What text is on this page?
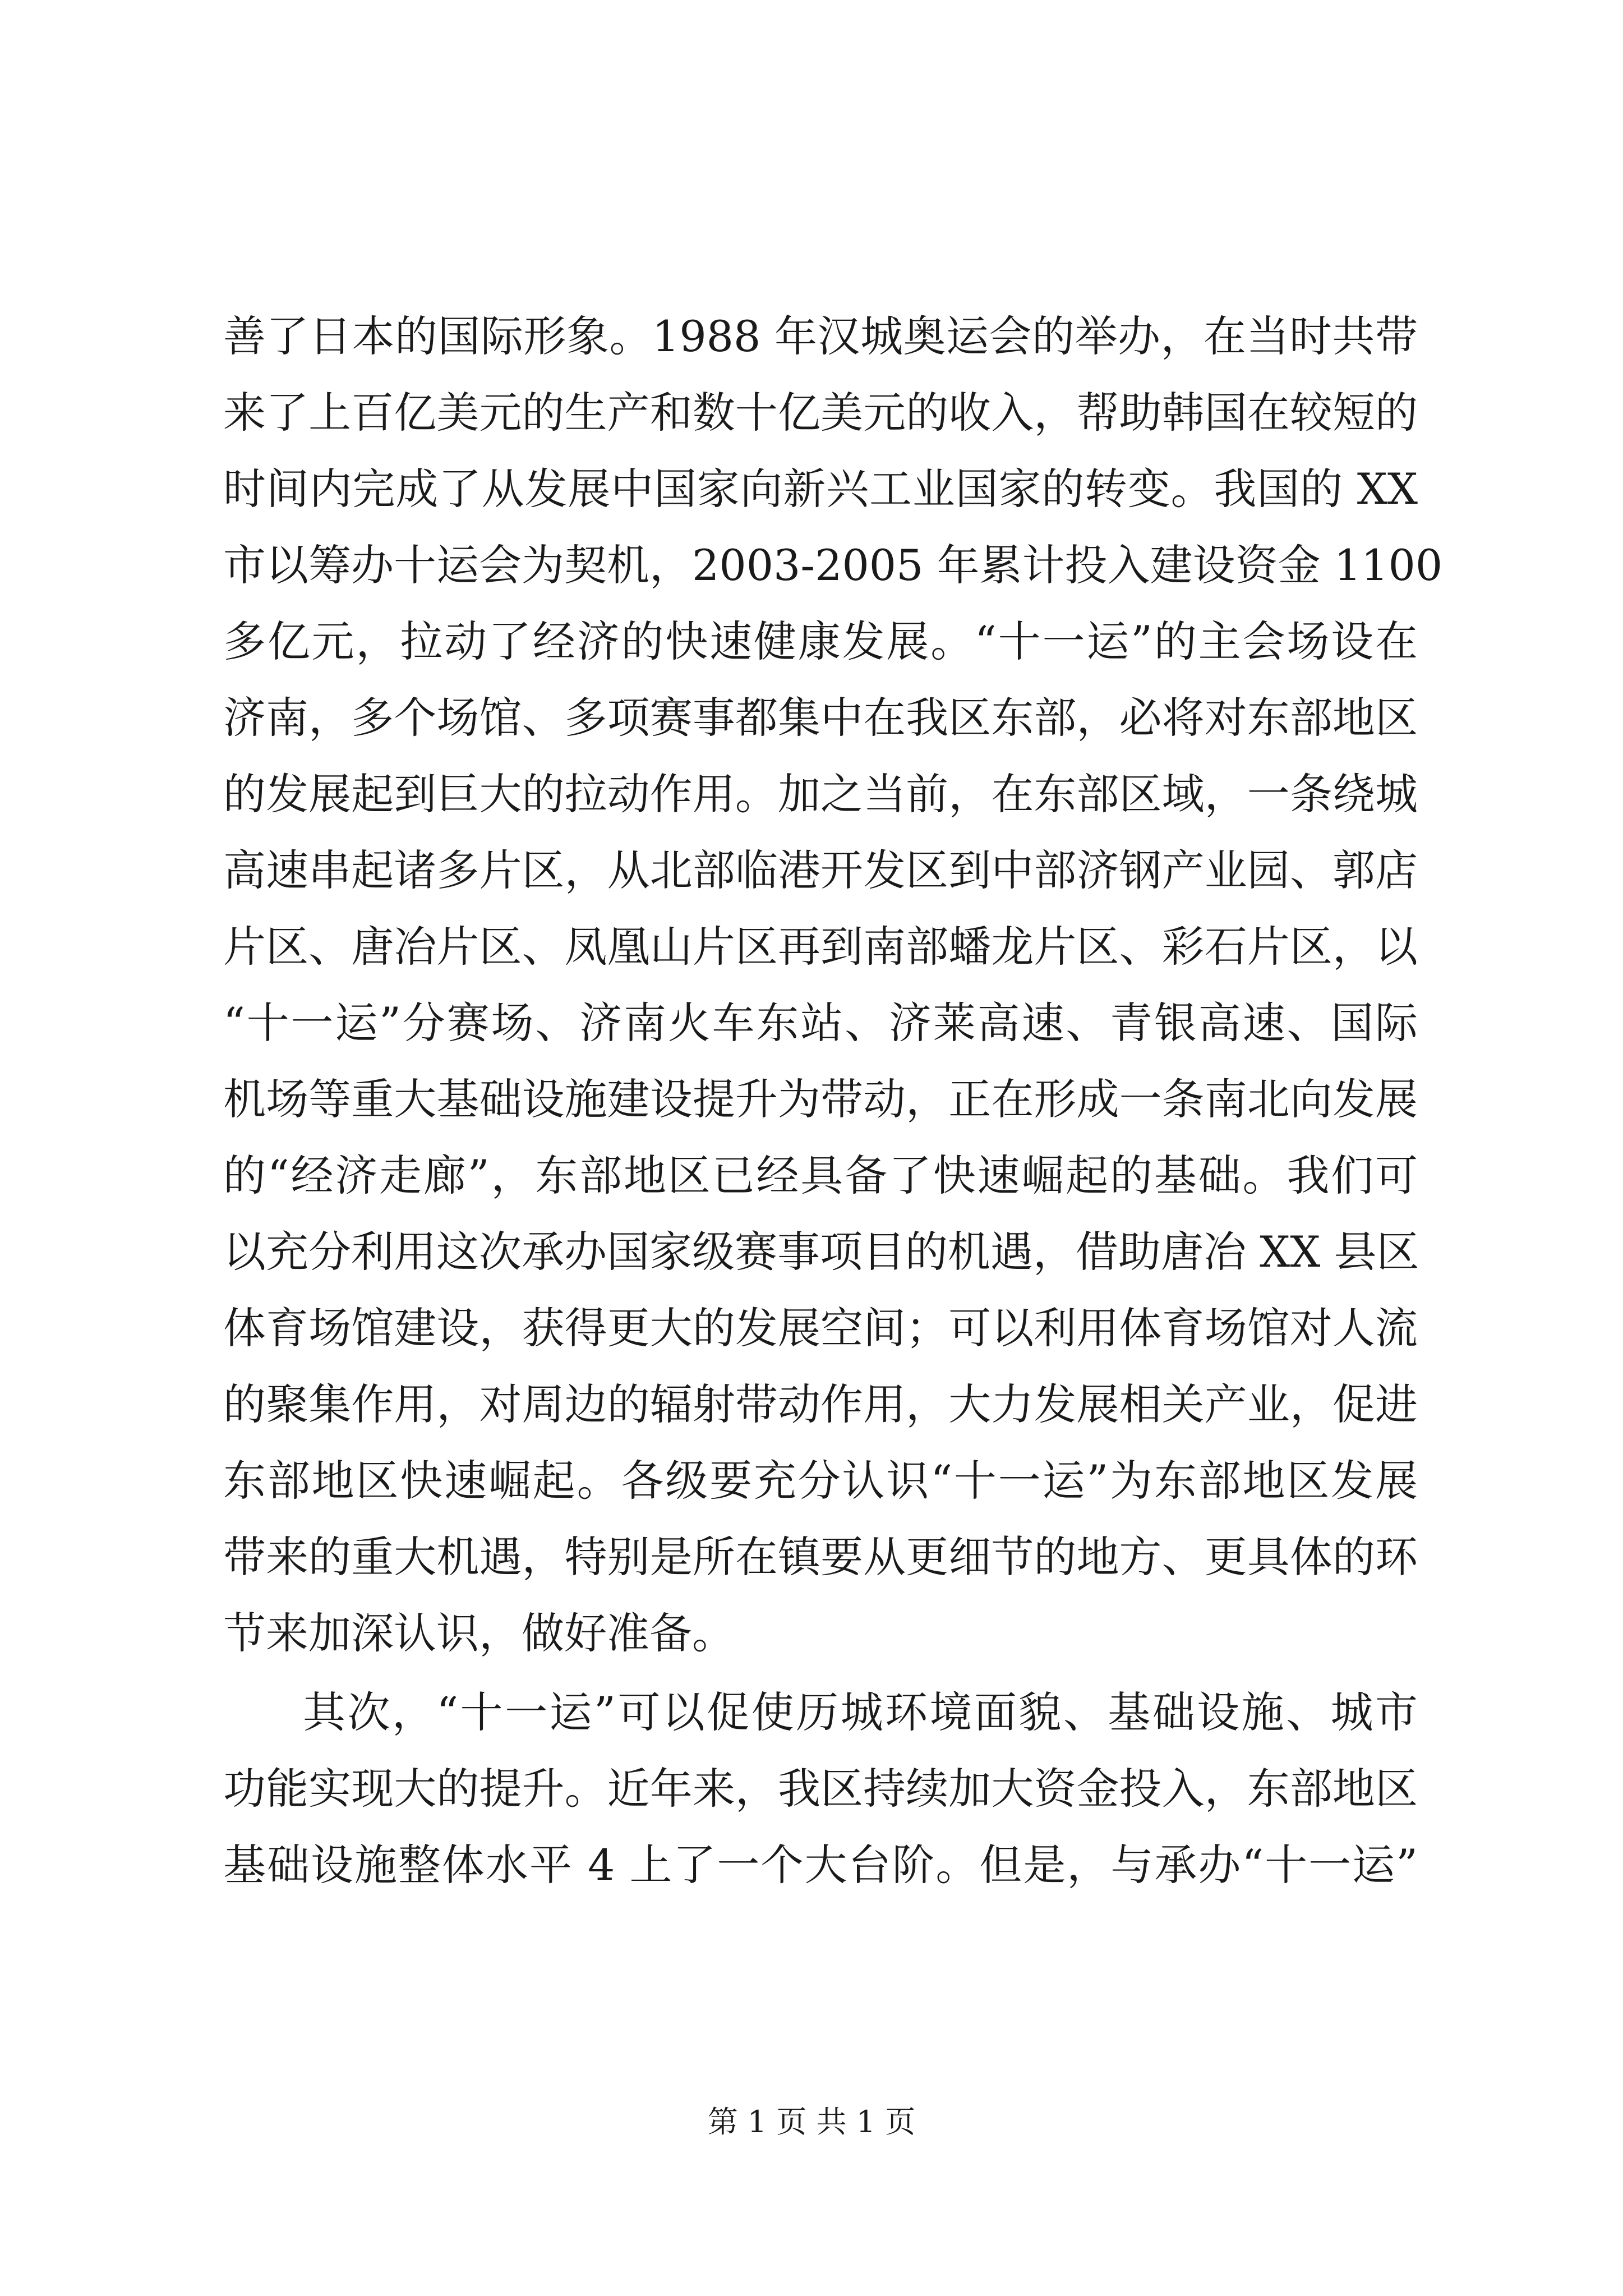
善了日本的国际形象。1988 年汉城奥运会的举办，在当时共带
来了上百亿美元的生产和数十亿美元的收入，帮助韩国在较短的
时间内完成了从发展中国家向新兴工业国家的转变。我国的 XX
市以筹办十运会为契机，2003-2005 年累计投入建设资金 1100
多亿元，拉动了经济的快速健康发展。“十一运”的主会场设在
济南，多个场馆、多项赛事都集中在我区东部，必将对东部地区
的发展起到巨大的拉动作用。加之当前，在东部区域，一条绕城
高速串起诸多片区，从北部临港开发区到中部济钢产业园、郭店
片区、唐冶片区、凤凰山片区再到南部蟠龙片区、彩石片区，以
“十一运”分赛场、济南火车东站、济莱高速、青银高速、国际
机场等重大基础设施建设提升为带动，正在形成一条南北向发展
的“经济走廊”，东部地区已经具备了快速崛起的基础。我们可
以充分利用这次承办国家级赛事项目的机遇，借助唐冶 XX 县区
体育场馆建设，获得更大的发展空间；可以利用体育场馆对人流
的聚集作用，对周边的辐射带动作用，大力发展相关产业，促进
东部地区快速崛起。各级要充分认识“十一运”为东部地区发展
带来的重大机遇，特别是所在镇要从更细节的地方、更具体的环
节来加深认识，做好准备。
其次，“十一运”可以促使历城环境面貌、基础设施、城市
功能实现大的提升。近年来，我区持续加大资金投入，东部地区
基础设施整体水平 4 上了一个大台阶。但是，与承办“十一运”
第 1 页 共 1 页
